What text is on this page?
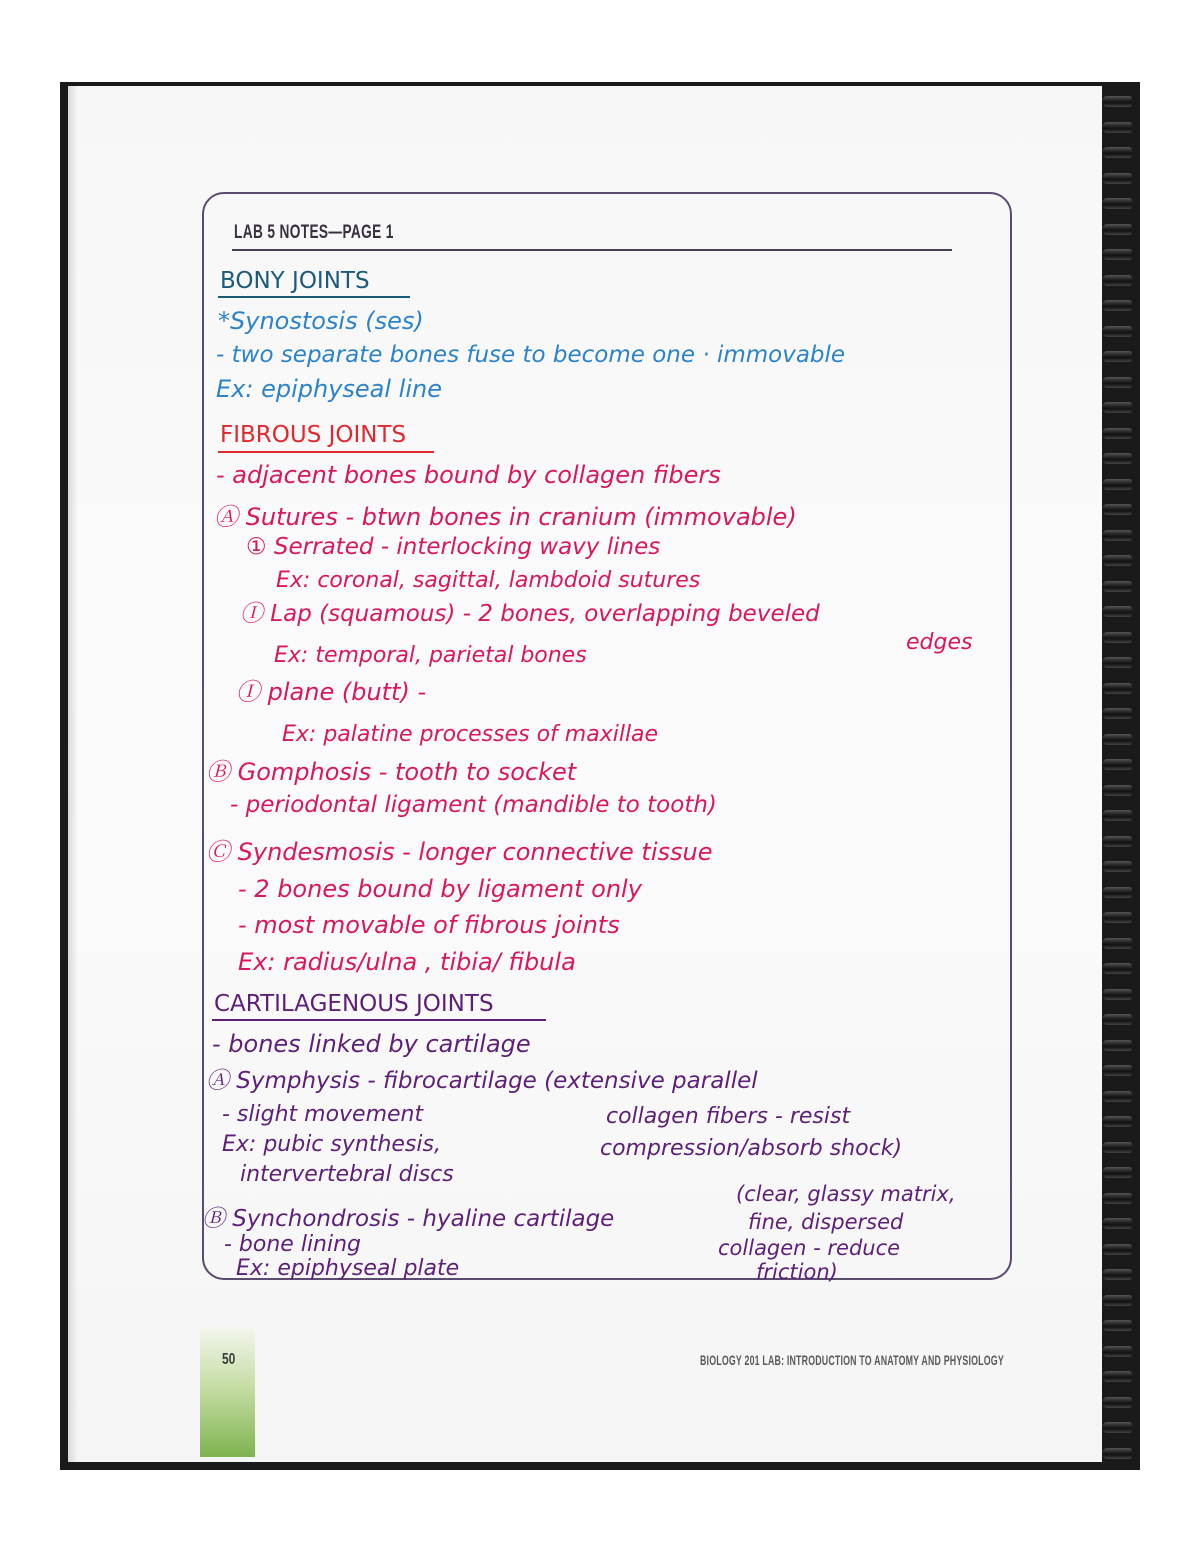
LAB 5 NOTES—PAGE 1
BONY JOINTS
*Synostosis (ses)
- two separate bones fuse to become one · immovable
Ex: epiphyseal line
FIBROUS JOINTS
- adjacent bones bound by collagen fibers
Ⓐ Sutures - btwn bones in cranium (immovable)
① Serrated - interlocking wavy lines
Ex: coronal, sagittal, lambdoid sutures
Ⓘ Lap (squamous) - 2 bones, overlapping beveled
edges
Ex: temporal, parietal bones
Ⓘ plane (butt) -
Ex: palatine processes of maxillae
Ⓑ Gomphosis - tooth to socket
- periodontal ligament (mandible to tooth)
Ⓒ Syndesmosis - longer connective tissue
- 2 bones bound by ligament only
- most movable of fibrous joints
Ex: radius/ulna , tibia/ fibula
CARTILAGENOUS JOINTS
- bones linked by cartilage
Ⓐ Symphysis - fibrocartilage (extensive parallel
- slight movement	collagen fibers - resist
Ex: pubic synthesis,	compression/absorb shock)
intervertebral discs
(clear, glassy matrix,
Ⓑ Synchondrosis - hyaline cartilage	fine, dispersed
- bone lining	collagen - reduce
Ex: epiphyseal plate	friction)
50	BIOLOGY 201 LAB: INTRODUCTION TO ANATOMY AND PHYSIOLOGY
